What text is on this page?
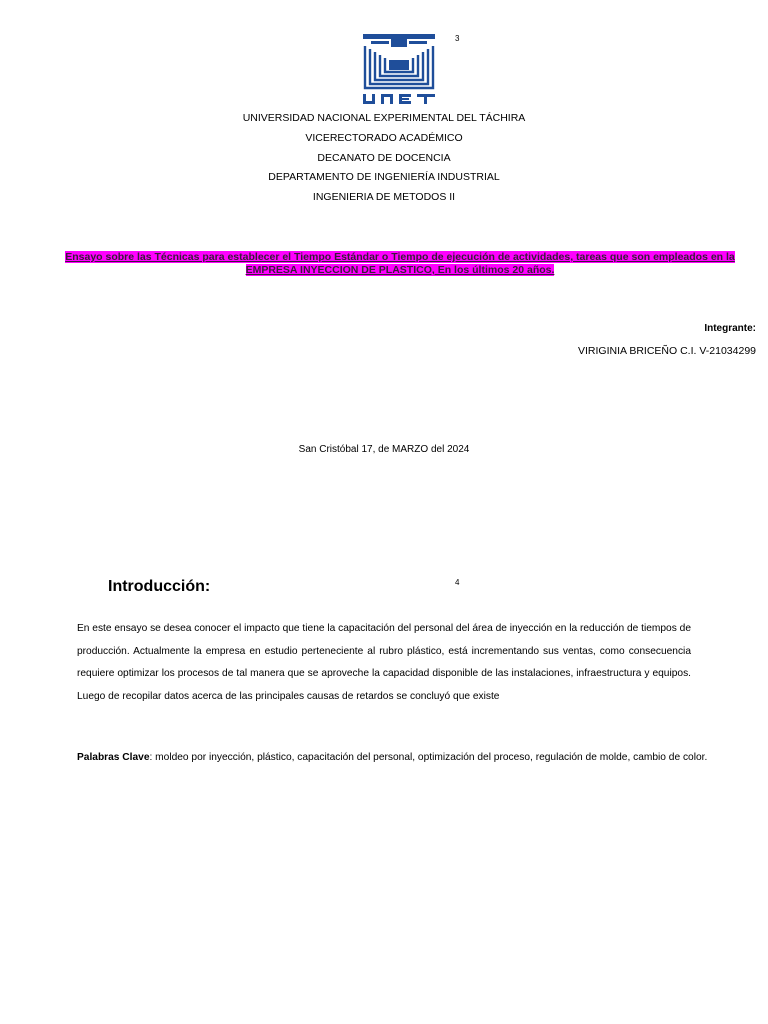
3
UNIVERSIDAD NACIONAL EXPERIMENTAL DEL TÁCHIRA
VICERECTORADO ACADÉMICO
DECANATO DE DOCENCIA
DEPARTAMENTO DE INGENIERÍA INDUSTRIAL
INGENIERIA DE METODOS II
Ensayo sobre las Técnicas para establecer el Tiempo Estándar o Tiempo de ejecución de actividades, tareas que son empleados en la
EMPRESA INYECCION DE PLASTICO, En los últimos 20 años.
Integrante:
VIRIGINIA BRICEÑO C.I. V-21034299
San Cristóbal 17, de MARZO del 2024
4
Introducción:
En este ensayo se desea conocer el impacto que tiene la capacitación del personal del área de inyección en la reducción de tiempos de producción. Actualmente la empresa en estudio perteneciente al rubro plástico, está incrementando sus ventas, como consecuencia requiere optimizar los procesos de tal manera que se aproveche la capacidad disponible de las instalaciones, infraestructura y equipos. Luego de recopilar datos acerca de las principales causas de retardos se concluyó que existe
Palabras Clave: moldeo por inyección, plástico, capacitación del personal, optimización del proceso, regulación de molde, cambio de color.
